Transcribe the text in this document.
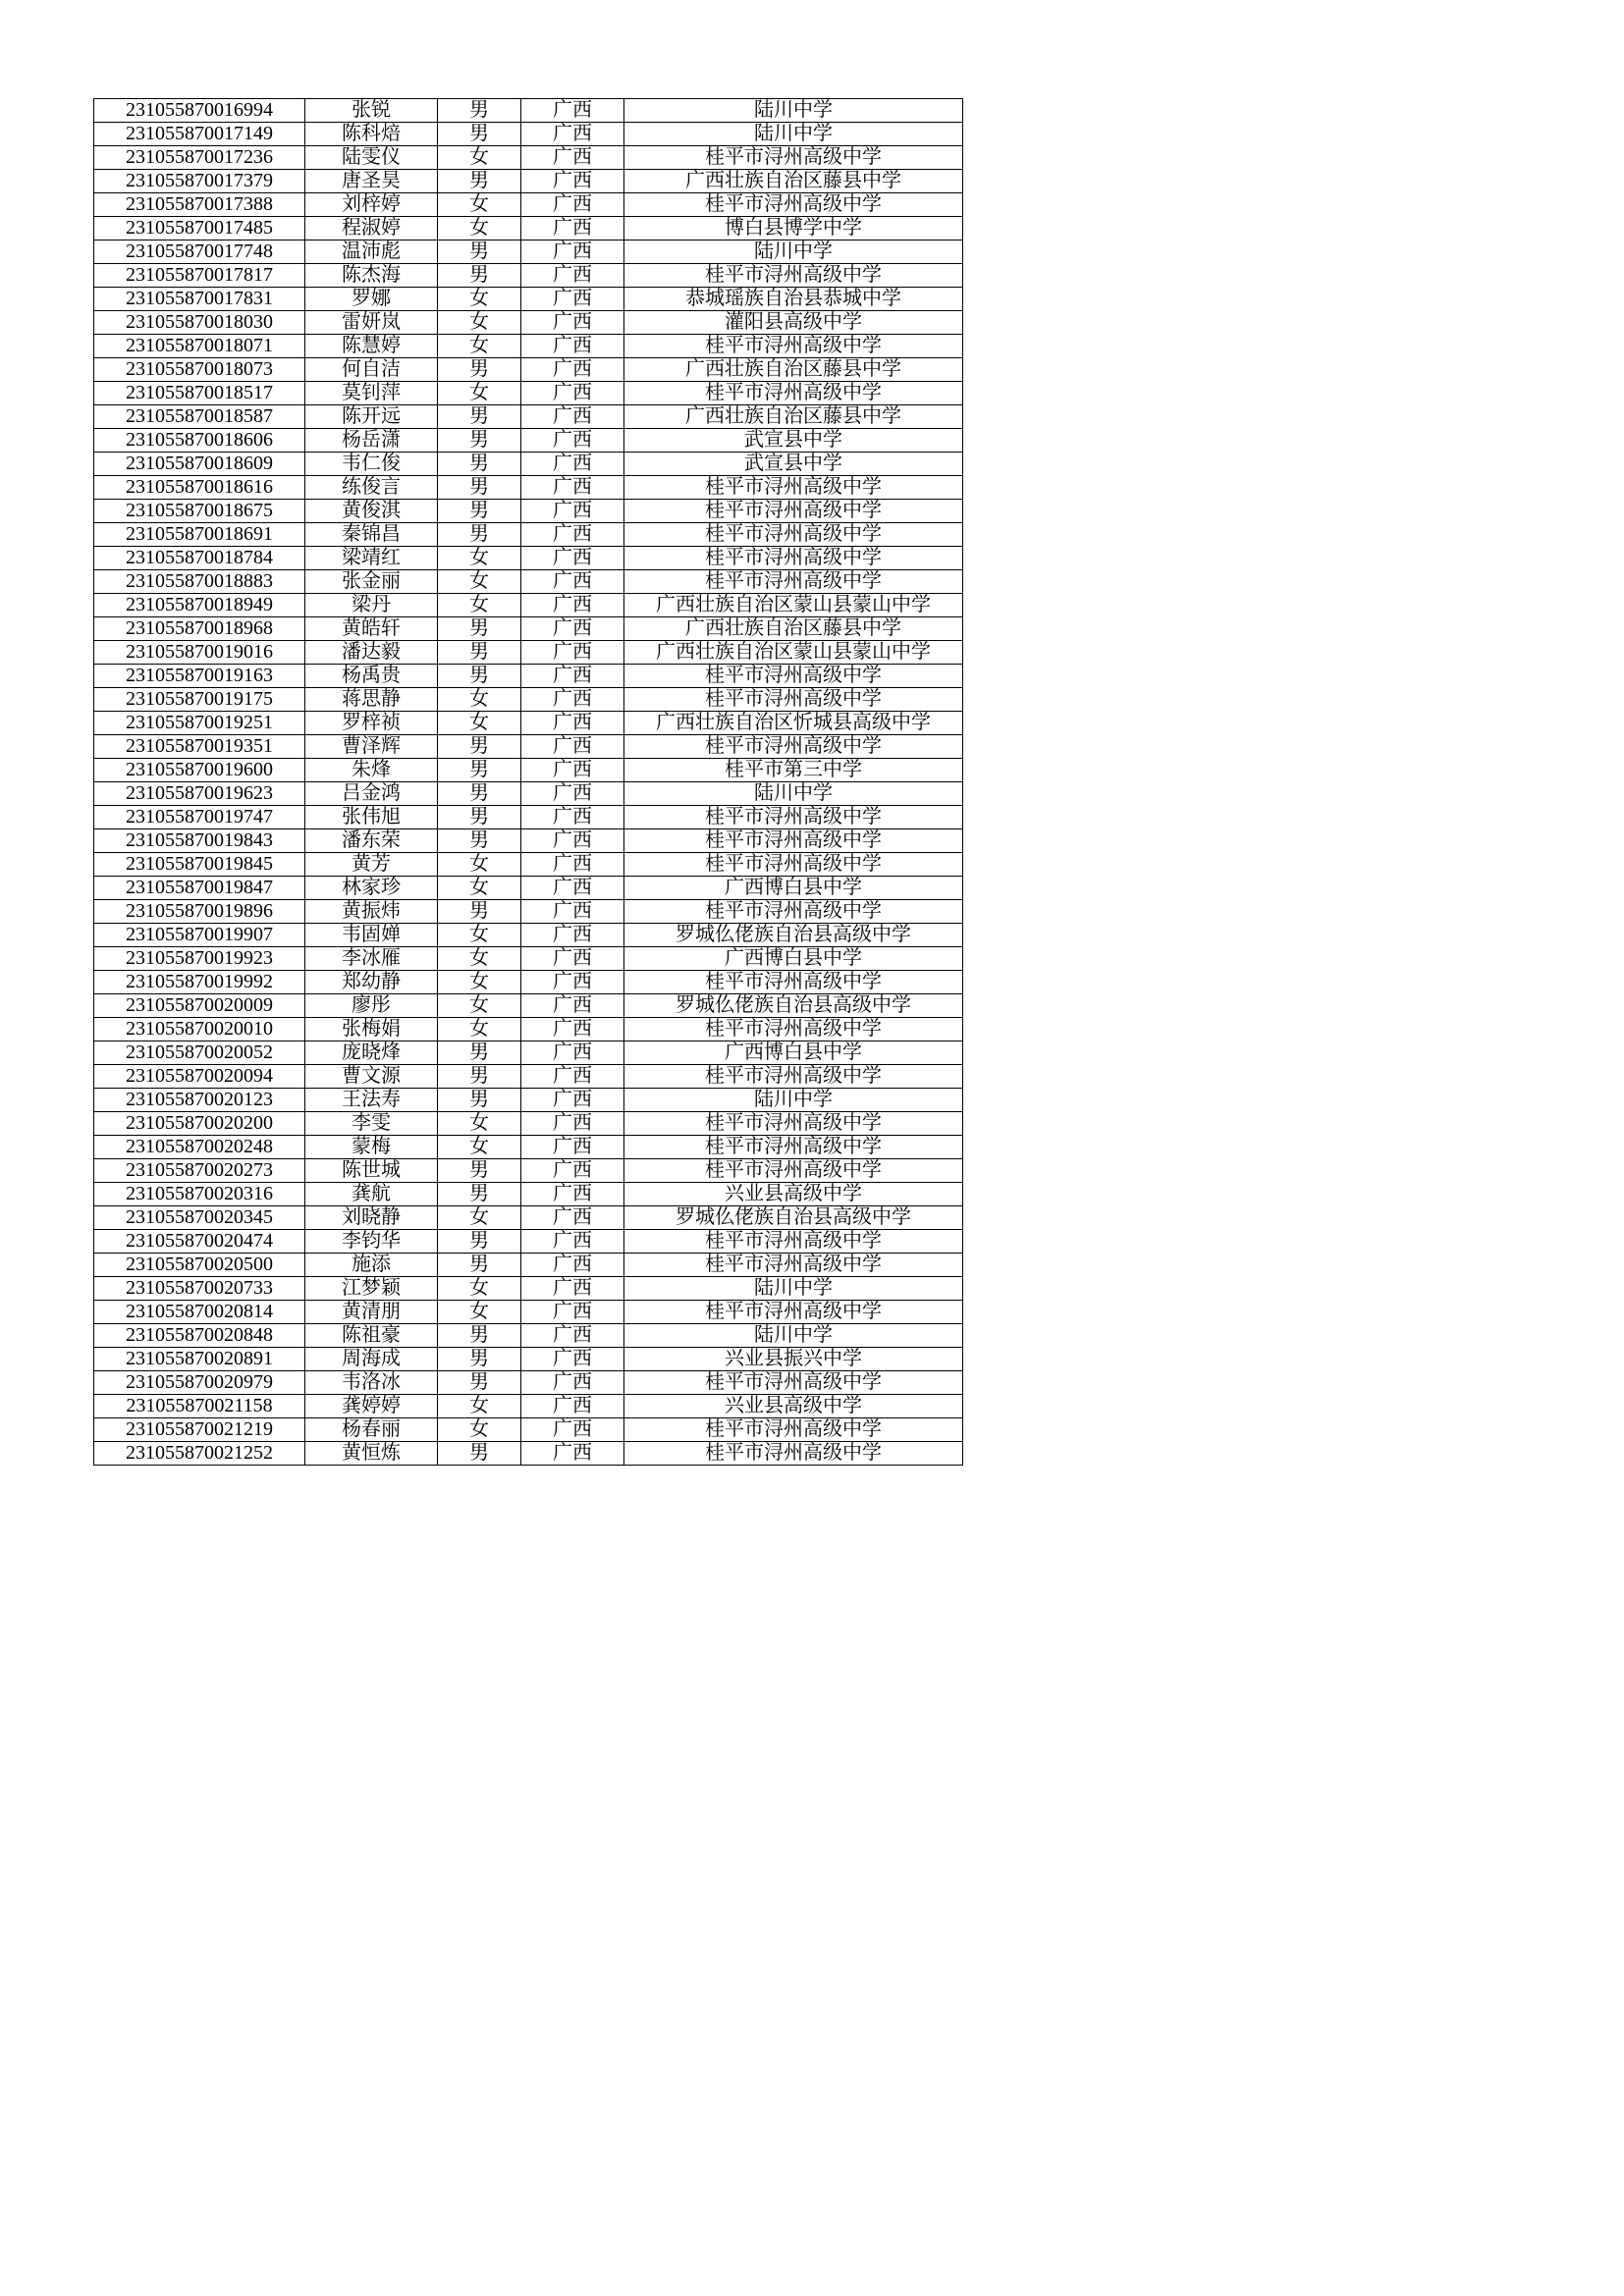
231055870016994	张锐	男	广西	陆川中学
231055870017149	陈科焙	男	广西	陆川中学
231055870017236	陆雯仪	女	广西	桂平市浔州高级中学
231055870017379	唐圣昊	男	广西	广西壮族自治区藤县中学
231055870017388	刘梓婷	女	广西	桂平市浔州高级中学
231055870017485	程淑婷	女	广西	博白县博学中学
231055870017748	温沛彪	男	广西	陆川中学
231055870017817	陈杰海	男	广西	桂平市浔州高级中学
231055870017831	罗娜	女	广西	恭城瑶族自治县恭城中学
231055870018030	雷妍岚	女	广西	灌阳县高级中学
231055870018071	陈慧婷	女	广西	桂平市浔州高级中学
231055870018073	何自洁	男	广西	广西壮族自治区藤县中学
231055870018517	莫钊萍	女	广西	桂平市浔州高级中学
231055870018587	陈开远	男	广西	广西壮族自治区藤县中学
231055870018606	杨岳潇	男	广西	武宣县中学
231055870018609	韦仁俊	男	广西	武宣县中学
231055870018616	练俊言	男	广西	桂平市浔州高级中学
231055870018675	黄俊淇	男	广西	桂平市浔州高级中学
231055870018691	秦锦昌	男	广西	桂平市浔州高级中学
231055870018784	梁靖红	女	广西	桂平市浔州高级中学
231055870018883	张金丽	女	广西	桂平市浔州高级中学
231055870018949	梁丹	女	广西	广西壮族自治区蒙山县蒙山中学
231055870018968	黄皓轩	男	广西	广西壮族自治区藤县中学
231055870019016	潘达毅	男	广西	广西壮族自治区蒙山县蒙山中学
231055870019163	杨禹贵	男	广西	桂平市浔州高级中学
231055870019175	蒋思静	女	广西	桂平市浔州高级中学
231055870019251	罗梓祯	女	广西	广西壮族自治区忻城县高级中学
231055870019351	曹泽辉	男	广西	桂平市浔州高级中学
231055870019600	朱烽	男	广西	桂平市第三中学
231055870019623	吕金鸿	男	广西	陆川中学
231055870019747	张伟旭	男	广西	桂平市浔州高级中学
231055870019843	潘东荣	男	广西	桂平市浔州高级中学
231055870019845	黄芳	女	广西	桂平市浔州高级中学
231055870019847	林家珍	女	广西	广西博白县中学
231055870019896	黄振炜	男	广西	桂平市浔州高级中学
231055870019907	韦固婵	女	广西	罗城仫佬族自治县高级中学
231055870019923	李冰雁	女	广西	广西博白县中学
231055870019992	郑幼静	女	广西	桂平市浔州高级中学
231055870020009	廖彤	女	广西	罗城仫佬族自治县高级中学
231055870020010	张梅娟	女	广西	桂平市浔州高级中学
231055870020052	庞晓烽	男	广西	广西博白县中学
231055870020094	曹文源	男	广西	桂平市浔州高级中学
231055870020123	王法寿	男	广西	陆川中学
231055870020200	李雯	女	广西	桂平市浔州高级中学
231055870020248	蒙梅	女	广西	桂平市浔州高级中学
231055870020273	陈世城	男	广西	桂平市浔州高级中学
231055870020316	龚航	男	广西	兴业县高级中学
231055870020345	刘晓静	女	广西	罗城仫佬族自治县高级中学
231055870020474	李钧华	男	广西	桂平市浔州高级中学
231055870020500	施添	男	广西	桂平市浔州高级中学
231055870020733	江梦颖	女	广西	陆川中学
231055870020814	黄清朋	女	广西	桂平市浔州高级中学
231055870020848	陈祖豪	男	广西	陆川中学
231055870020891	周海成	男	广西	兴业县振兴中学
231055870020979	韦洛冰	男	广西	桂平市浔州高级中学
231055870021158	龚婷婷	女	广西	兴业县高级中学
231055870021219	杨春丽	女	广西	桂平市浔州高级中学
231055870021252	黄恒炼	男	广西	桂平市浔州高级中学
